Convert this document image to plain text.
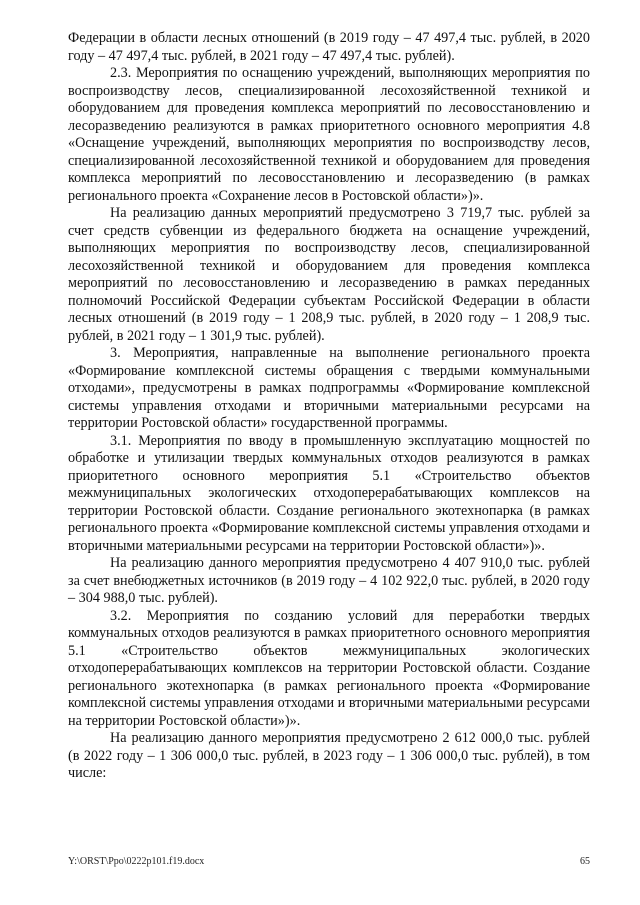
Федерации в области лесных отношений (в 2019 году – 47 497,4 тыс. рублей, в 2020 году – 47 497,4 тыс. рублей, в 2021 году – 47 497,4 тыс. рублей).

2.3. Мероприятия по оснащению учреждений, выполняющих мероприятия по воспроизводству лесов, специализированной лесохозяйственной техникой и оборудованием для проведения комплекса мероприятий по лесовосстановлению и лесоразведению реализуются в рамках приоритетного основного мероприятия 4.8 «Оснащение учреждений, выполняющих мероприятия по воспроизводству лесов, специализированной лесохозяйственной техникой и оборудованием для проведения комплекса мероприятий по лесовосстановлению и лесоразведению (в рамках регионального проекта «Сохранение лесов в Ростовской области»)».

На реализацию данных мероприятий предусмотрено 3 719,7 тыс. рублей за счет средств субвенции из федерального бюджета на оснащение учреждений, выполняющих мероприятия по воспроизводству лесов, специализированной лесохозяйственной техникой и оборудованием для проведения комплекса мероприятий по лесовосстановлению и лесоразведению в рамках переданных полномочий Российской Федерации субъектам Российской Федерации в области лесных отношений (в 2019 году – 1 208,9 тыс. рублей, в 2020 году – 1 208,9 тыс. рублей, в 2021 году – 1 301,9 тыс. рублей).

3. Мероприятия, направленные на выполнение регионального проекта «Формирование комплексной системы обращения с твердыми коммунальными отходами», предусмотрены в рамках подпрограммы «Формирование комплексной системы управления отходами и вторичными материальными ресурсами на территории Ростовской области» государственной программы.

3.1. Мероприятия по вводу в промышленную эксплуатацию мощностей по обработке и утилизации твердых коммунальных отходов реализуются в рамках приоритетного основного мероприятия 5.1 «Строительство объектов межмуниципальных экологических отходоперерабатывающих комплексов на территории Ростовской области. Создание регионального экотехнопарка (в рамках регионального проекта «Формирование комплексной системы управления отходами и вторичными материальными ресурсами на территории Ростовской области»)».

На реализацию данного мероприятия предусмотрено 4 407 910,0 тыс. рублей за счет внебюджетных источников (в 2019 году – 4 102 922,0 тыс. рублей, в 2020 году – 304 988,0 тыс. рублей).

3.2. Мероприятия по созданию условий для переработки твердых коммунальных отходов реализуются в рамках приоритетного основного мероприятия 5.1 «Строительство объектов межмуниципальных экологических отходоперерабатывающих комплексов на территории Ростовской области. Создание регионального экотехнопарка (в рамках регионального проекта «Формирование комплексной системы управления отходами и вторичными материальными ресурсами на территории Ростовской области»)».

На реализацию данного мероприятия предусмотрено 2 612 000,0 тыс. рублей (в 2022 году – 1 306 000,0 тыс. рублей, в 2023 году – 1 306 000,0 тыс. рублей), в том числе:

Y:\ORST\Ppo\0222p101.f19.docx	65
